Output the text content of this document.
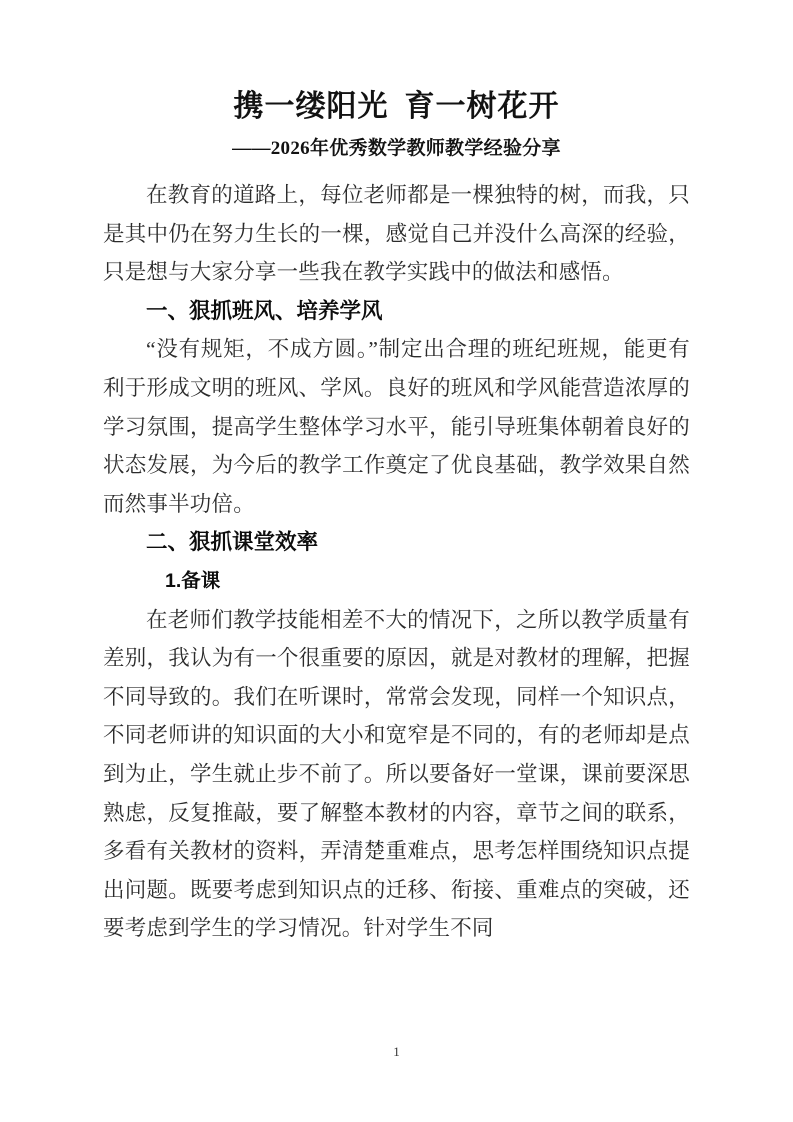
携一缕阳光 育一树花开
——2026年优秀数学教师教学经验分享

在教育的道路上，每位老师都是一棵独特的树，而我，只是其中仍在努力生长的一棵，感觉自己并没什么高深的经验，只是想与大家分享一些我在教学实践中的做法和感悟。

一、狠抓班风、培养学风

“没有规矩，不成方圆。”制定出合理的班纪班规，能更有利于形成文明的班风、学风。良好的班风和学风能营造浓厚的学习氛围，提高学生整体学习水平，能引导班集体朝着良好的状态发展，为今后的教学工作奠定了优良基础，教学效果自然而然事半功倍。

二、狠抓课堂效率
1.备课

在老师们教学技能相差不大的情况下，之所以教学质量有差别，我认为有一个很重要的原因，就是对教材的理解，把握不同导致的。我们在听课时，常常会发现，同样一个知识点，不同老师讲的知识面的大小和宽窄是不同的，有的老师却是点到为止，学生就止步不前了。所以要备好一堂课，课前要深思熟虑，反复推敲，要了解整本教材的内容，章节之间的联系，多看有关教材的资料，弄清楚重难点，思考怎样围绕知识点提出问题。既要考虑到知识点的迁移、衔接、重难点的突破，还要考虑到学生的学习情况。针对学生不同

1
